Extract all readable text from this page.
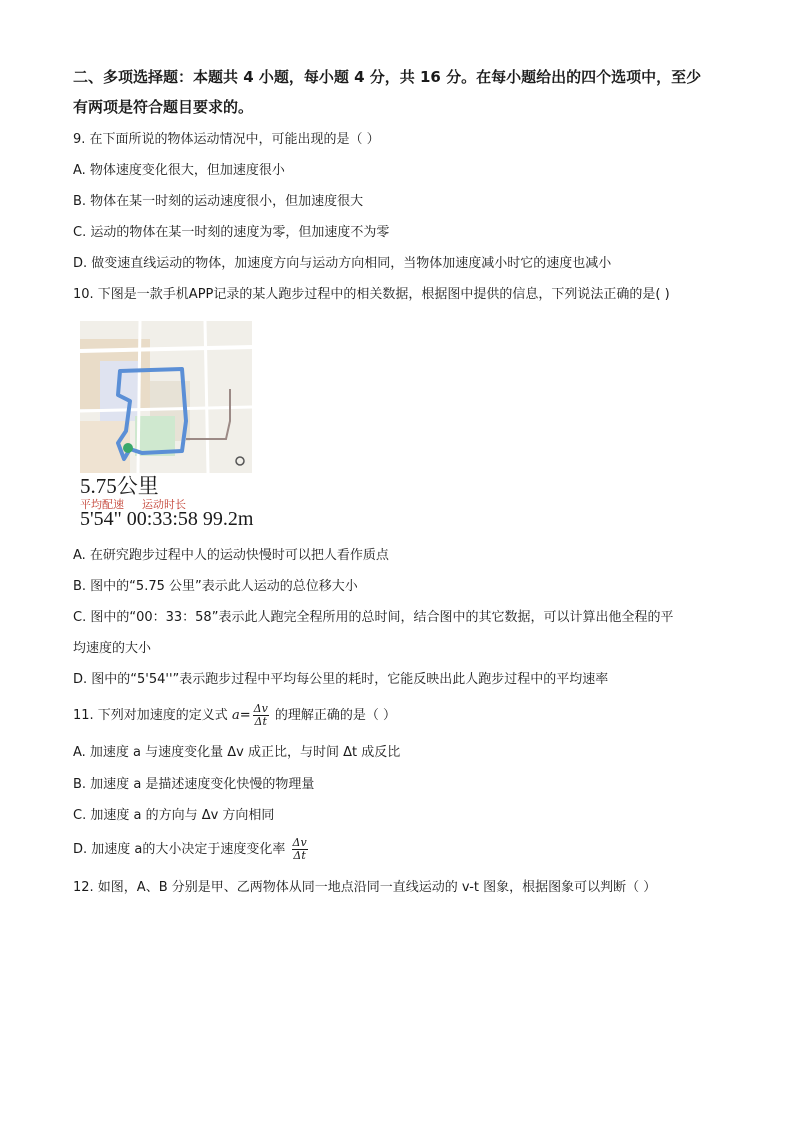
二、多项选择题：本题共 4 小题，每小题 4 分，共 16 分。在每小题给出的四个选项中，至少
有两项是符合题目要求的。
9. 在下面所说的物体运动情况中，可能出现的是（ ）
A. 物体速度变化很大，但加速度很小
B. 物体在某一时刻的运动速度很小，但加速度很大
C. 运动的物体在某一时刻的速度为零，但加速度不为零
D. 做变速直线运动的物体，加速度方向与运动方向相同，当物体加速度减小时它的速度也减小
10. 下图是一款手机APP记录的某人跑步过程中的相关数据，根据图中提供的信息，下列说法正确的是( )
5.75公里
平均配速 运动时长
5'54" 00:33:58 99.2m
A. 在研究跑步过程中人的运动快慢时可以把人看作质点
B. 图中的“5.75 公里”表示此人运动的总位移大小
C. 图中的“00：33：58”表示此人跑完全程所用的总时间，结合图中的其它数据，可以计算出他全程的平
均速度的大小
D. 图中的“5'54''”表示跑步过程中平均每公里的耗时，它能反映出此人跑步过程中的平均速率
11. 下列对加速度的定义式 $a= \frac{\Delta v}{\Delta t}$ 的理解正确的是（ ）
A. 加速度 a 与速度变化量 Δv 成正比，与时间 Δt 成反比
B. 加速度 a 是描述速度变化快慢的物理量
C. 加速度 a 的方向与 Δv 方向相同
D. 加速度 a的大小决定于速度变化率 $\frac{\Delta v}{\Delta t}$
12. 如图，A、B 分别是甲、乙两物体从同一地点沿同一直线运动的 v-t 图象，根据图象可以判断（ ）
